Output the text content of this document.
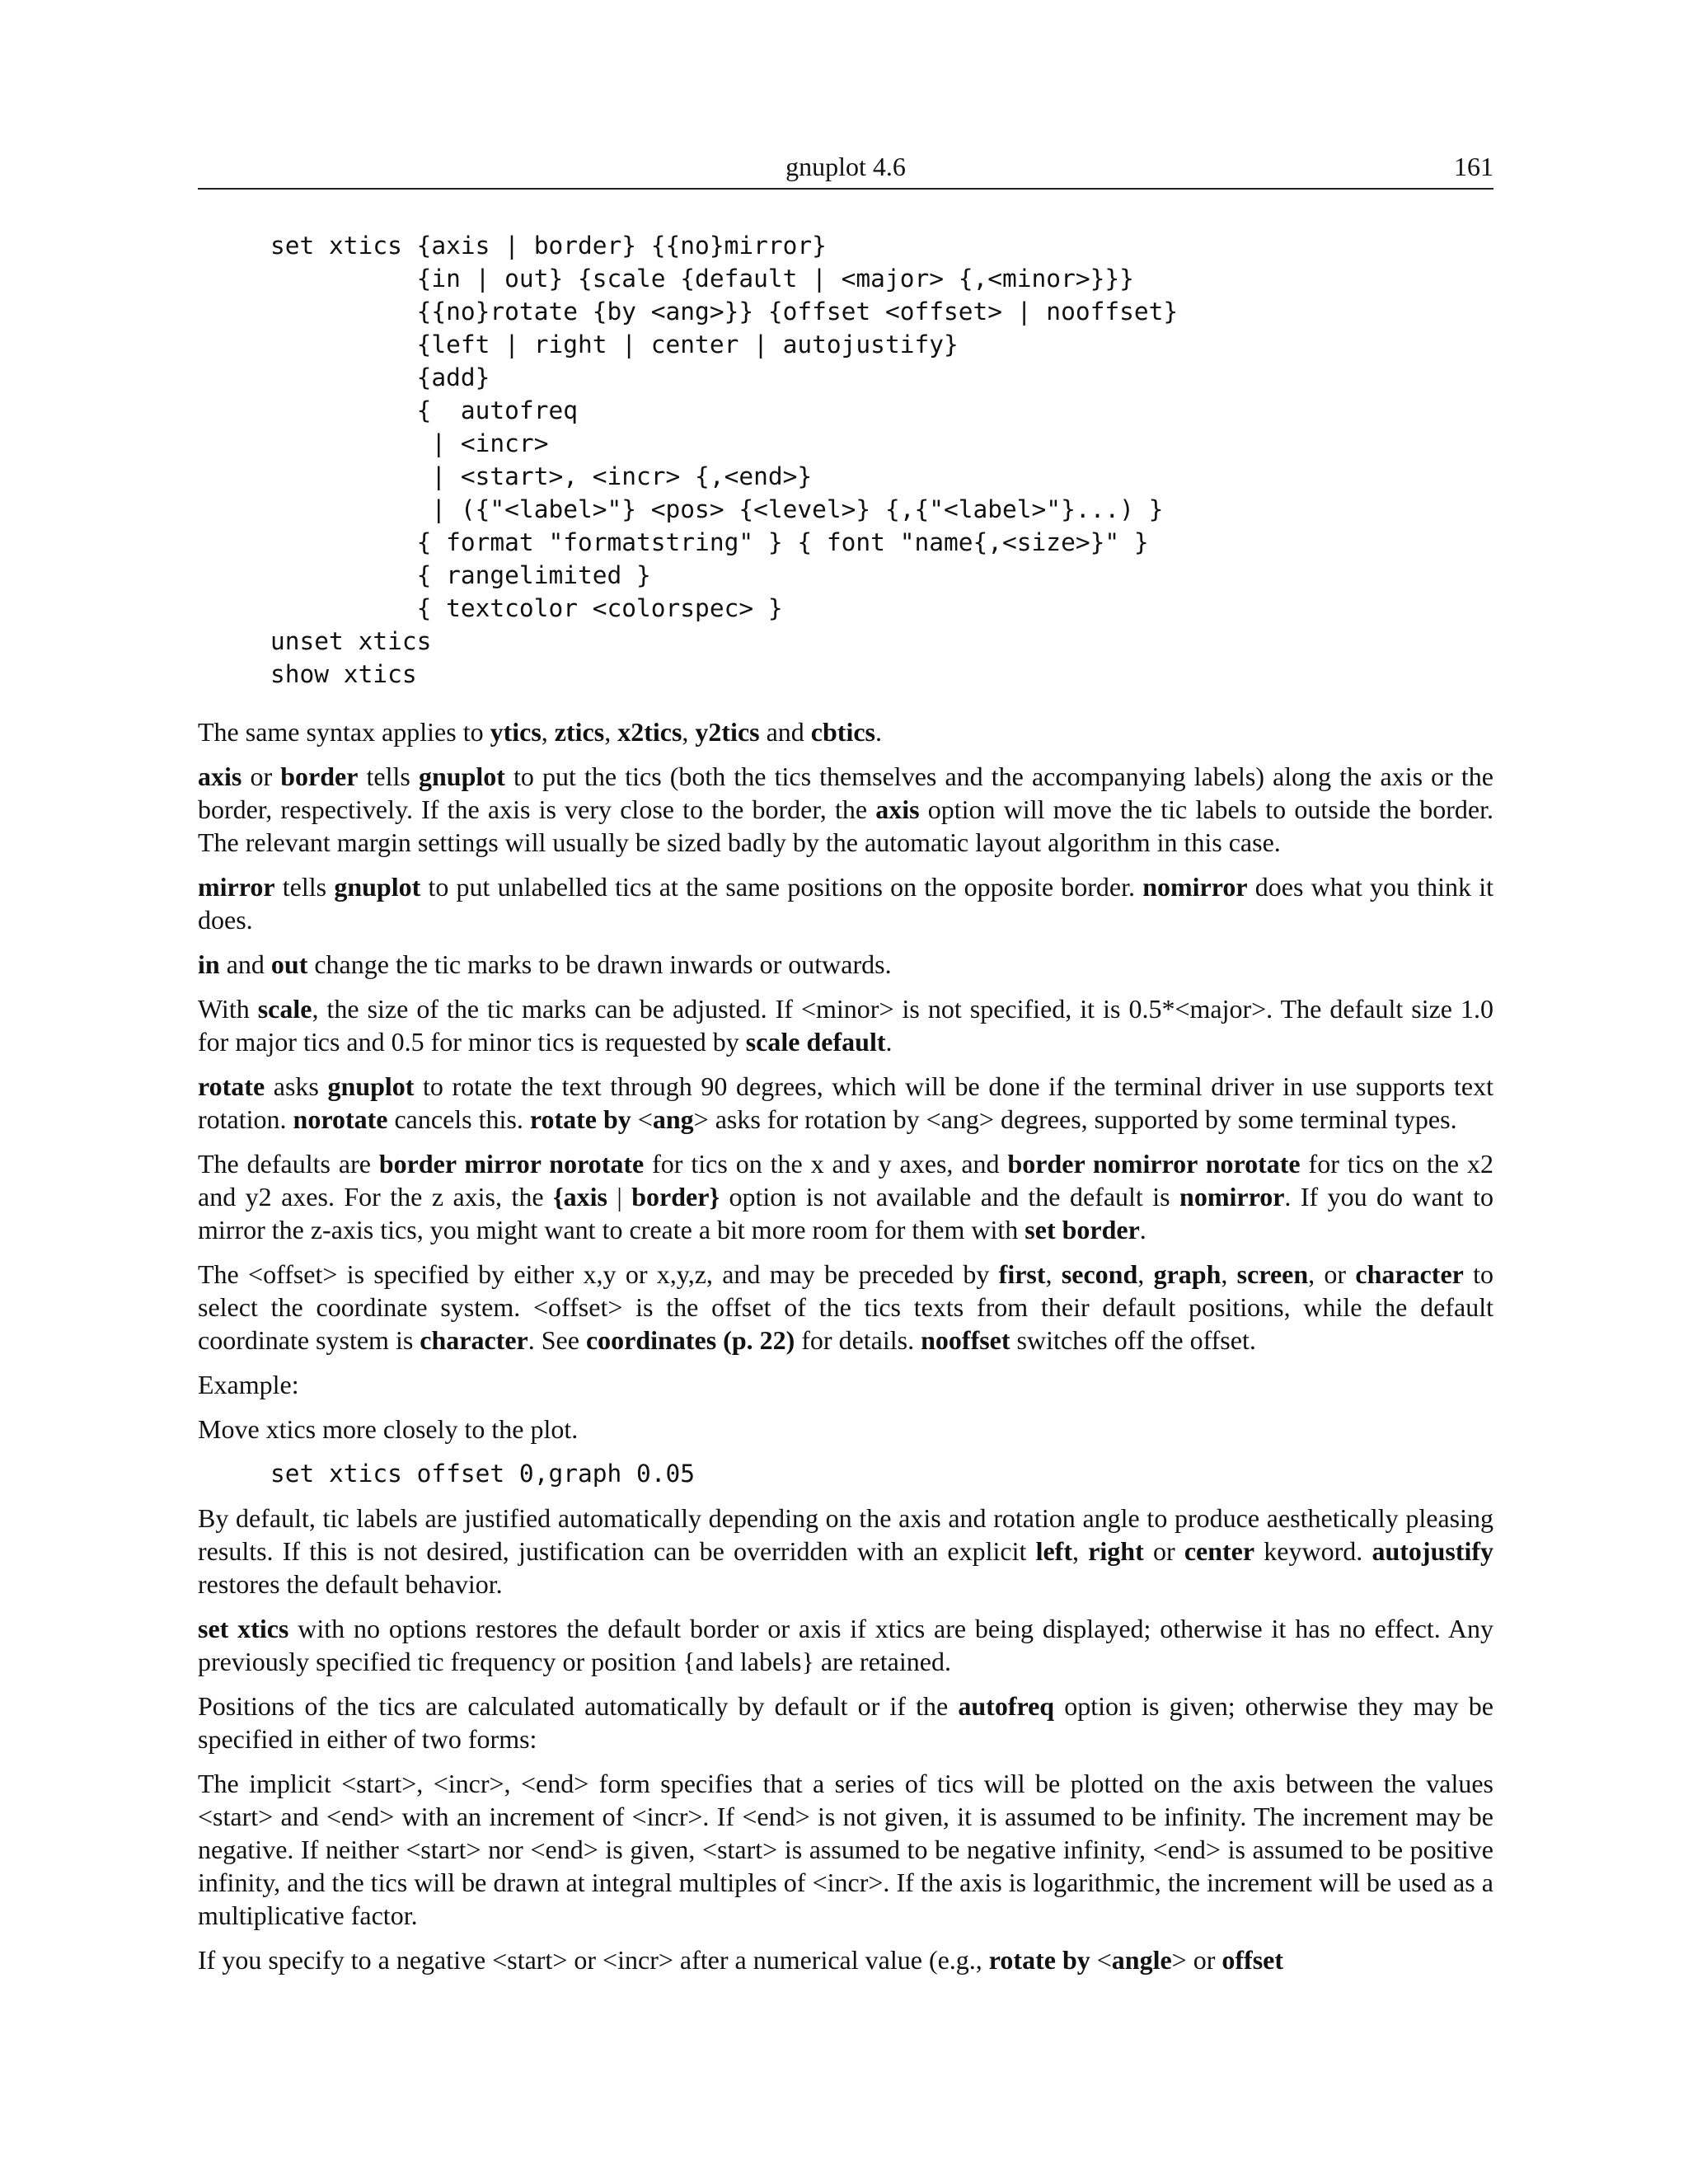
gnuplot 4.6	161
set xtics {axis | border} {{no}mirror}
{in | out} {scale {default | <major> {,<minor>}}}
{{no}rotate {by <ang>}} {offset <offset> | nooffset}
{left | right | center | autojustify}
{add}
{  autofreq
| <incr>
| <start>, <incr> {,<end>}
| ({"<label>"} <pos> {<level>} {,{"<label>"}...) }
{ format "formatstring" } { font "name{,<size>}" }
{ rangelimited }
{ textcolor <colorspec> }
unset xtics
show xtics

The same syntax applies to ytics, ztics, x2tics, y2tics and cbtics.

axis or border tells gnuplot to put the tics (both the tics themselves and the accompanying labels) along the axis or the border, respectively. If the axis is very close to the border, the axis option will move the tic labels to outside the border. The relevant margin settings will usually be sized badly by the automatic layout algorithm in this case.

mirror tells gnuplot to put unlabelled tics at the same positions on the opposite border. nomirror does what you think it does.

in and out change the tic marks to be drawn inwards or outwards.

With scale, the size of the tic marks can be adjusted. If <minor> is not specified, it is 0.5*<major>. The default size 1.0 for major tics and 0.5 for minor tics is requested by scale default.

rotate asks gnuplot to rotate the text through 90 degrees, which will be done if the terminal driver in use supports text rotation. norotate cancels this. rotate by <ang> asks for rotation by <ang> degrees, supported by some terminal types.

The defaults are border mirror norotate for tics on the x and y axes, and border nomirror norotate for tics on the x2 and y2 axes. For the z axis, the {axis | border} option is not available and the default is nomirror. If you do want to mirror the z-axis tics, you might want to create a bit more room for them with set border.

The <offset> is specified by either x,y or x,y,z, and may be preceded by first, second, graph, screen, or character to select the coordinate system. <offset> is the offset of the tics texts from their default positions, while the default coordinate system is character. See coordinates (p. 22) for details. nooffset switches off the offset.

Example:

Move xtics more closely to the plot.

set xtics offset 0,graph 0.05

By default, tic labels are justified automatically depending on the axis and rotation angle to produce aesthetically pleasing results. If this is not desired, justification can be overridden with an explicit left, right or center keyword. autojustify restores the default behavior.

set xtics with no options restores the default border or axis if xtics are being displayed; otherwise it has no effect. Any previously specified tic frequency or position {and labels} are retained.

Positions of the tics are calculated automatically by default or if the autofreq option is given; otherwise they may be specified in either of two forms:

The implicit <start>, <incr>, <end> form specifies that a series of tics will be plotted on the axis between the values <start> and <end> with an increment of <incr>. If <end> is not given, it is assumed to be infinity. The increment may be negative. If neither <start> nor <end> is given, <start> is assumed to be negative infinity, <end> is assumed to be positive infinity, and the tics will be drawn at integral multiples of <incr>. If the axis is logarithmic, the increment will be used as a multiplicative factor.

If you specify to a negative <start> or <incr> after a numerical value (e.g., rotate by <angle> or offset
